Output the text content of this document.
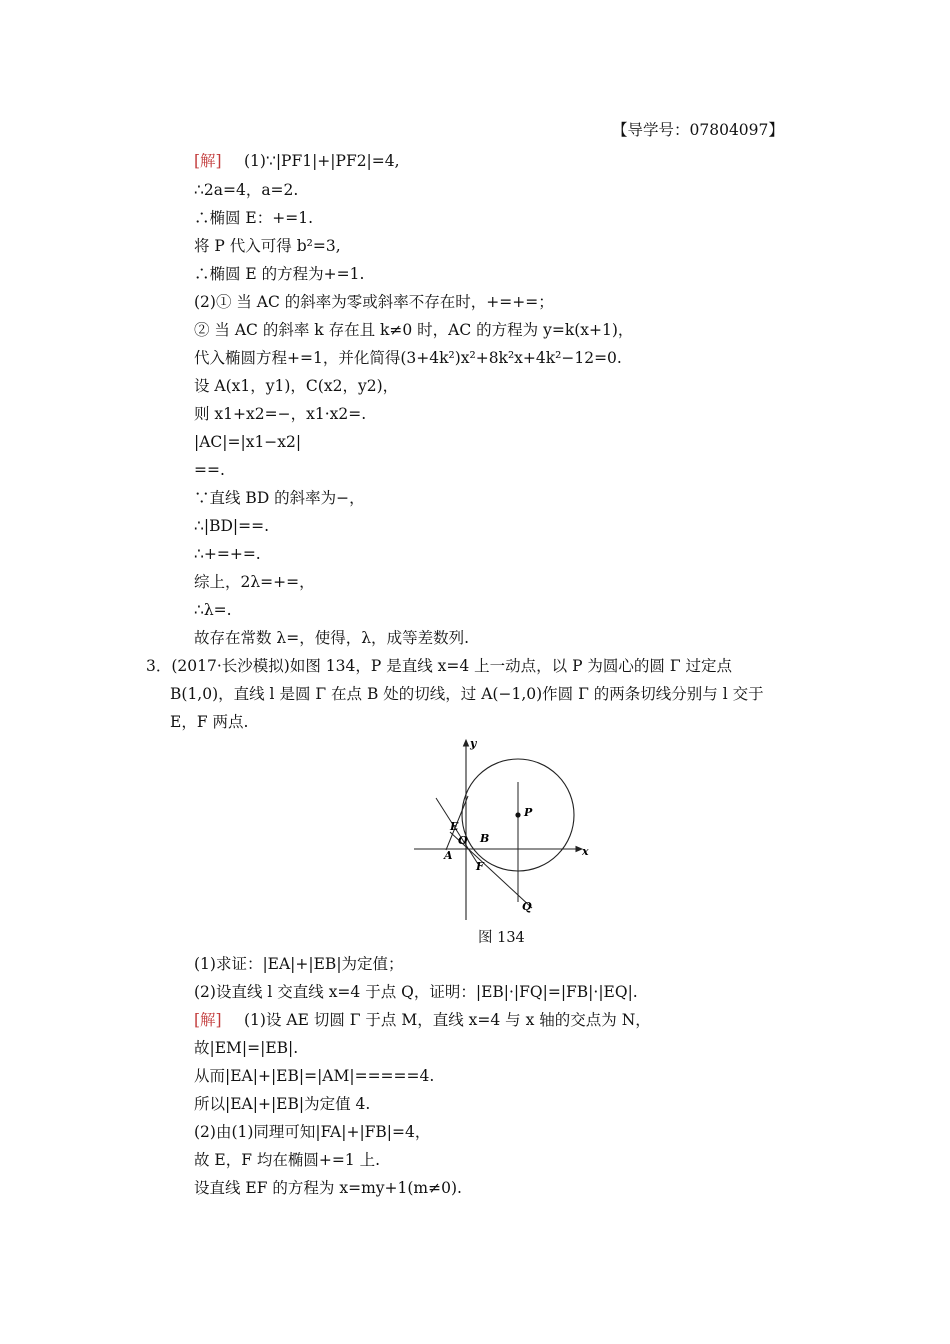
【导学号：07804097】
[解] (1)∵|PF1|+|PF2|=4,
∴2a=4，a=2.
∴椭圆 E：+=1.
将 P 代入可得 b²=3,
∴椭圆 E 的方程为+=1.
(2)① 当 AC 的斜率为零或斜率不存在时，+=+=；
② 当 AC 的斜率 k 存在且 k≠0 时，AC 的方程为 y=k(x+1)，
代入椭圆方程+=1，并化简得(3+4k²)x²+8k²x+4k²−12=0.
设 A(x1，y1)，C(x2，y2)，
则 x1+x2=−，x1·x2=.
|AC|=|x1−x2|
==.
∵直线 BD 的斜率为−，
∴|BD|==.
∴+=+=.
综上，2λ=+=，
∴λ=.
故存在常数 λ=，使得，λ，成等差数列.
3．(2017·长沙模拟)如图 134，P 是直线 x=4 上一动点，以 P 为圆心的圆 Γ 过定点
B(1,0)，直线 l 是圆 Γ 在点 B 处的切线，过 A(−1,0)作圆 Γ 的两条切线分别与 l 交于
E，F 两点.
y
x
P
E
O B
A
F
Q
图 134
(1)求证：|EA|+|EB|为定值；
(2)设直线 l 交直线 x=4 于点 Q，证明：|EB|·|FQ|=|FB|·|EQ|.
[解] (1)设 AE 切圆 Γ 于点 M，直线 x=4 与 x 轴的交点为 N，
故|EM|=|EB|.
从而|EA|+|EB|=|AM|=====4.
所以|EA|+|EB|为定值 4.
(2)由(1)同理可知|FA|+|FB|=4，
故 E，F 均在椭圆+=1 上.
设直线 EF 的方程为 x=my+1(m≠0).
